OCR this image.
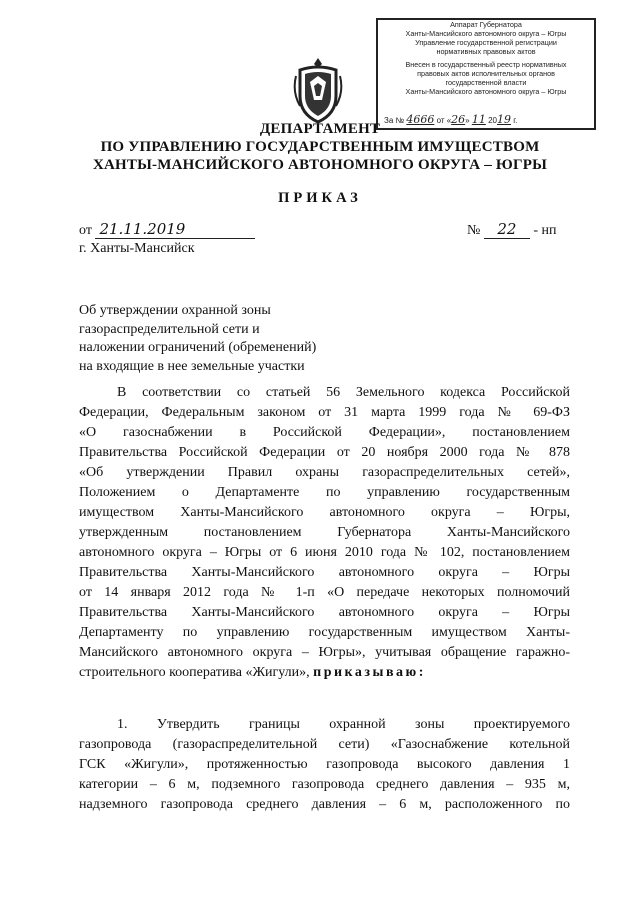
Аппарат Губернатора
Ханты-Мансийского автономного округа – Югры
Управление государственной регистрации
нормативных правовых актов
Внесен в государственный реестр нормативных
правовых актов исполнительных органов
государственной власти
Ханты-Мансийского автономного округа – Югры
За № 4666 от «26» 11 2019 г.
ДЕПАРТАМЕНТ
ПО УПРАВЛЕНИЮ ГОСУДАРСТВЕННЫМ ИМУЩЕСТВОМ
ХАНТЫ-МАНСИЙСКОГО АВТОНОМНОГО ОКРУГА – ЮГРЫ
ПРИКАЗ
от 21.11.2019	№ 22 - нп
г. Ханты-Мансийск
Об утверждении охранной зоны
газораспределительной сети и
наложении ограничений (обременений)
на входящие в нее земельные участки
В соответствии со статьей 56 Земельного кодекса Российской
Федерации, Федеральным законом от 31 марта 1999 года № 69-ФЗ
«О газоснабжении в Российской Федерации», постановлением
Правительства Российской Федерации от 20 ноября 2000 года № 878
«Об утверждении Правил охраны газораспределительных сетей»,
Положением о Департаменте по управлению государственным
имуществом Ханты-Мансийского автономного округа – Югры,
утвержденным постановлением Губернатора Ханты-Мансийского
автономного округа – Югры от 6 июня 2010 года № 102, постановлением
Правительства Ханты-Мансийского автономного округа – Югры
от 14 января 2012 года № 1-п «О передаче некоторых полномочий
Правительства Ханты-Мансийского автономного округа – Югры
Департаменту по управлению государственным имуществом Ханты-
Мансийского автономного округа – Югры», учитывая обращение гаражно-
строительного кооператива «Жигули», приказываю:
1. Утвердить границы охранной зоны проектируемого
газопровода (газораспределительной сети) «Газоснабжение котельной
ГСК «Жигули», протяженностью газопровода высокого давления 1
категории – 6 м, подземного газопровода среднего давления – 935 м,
надземного газопровода среднего давления – 6 м, расположенного по
